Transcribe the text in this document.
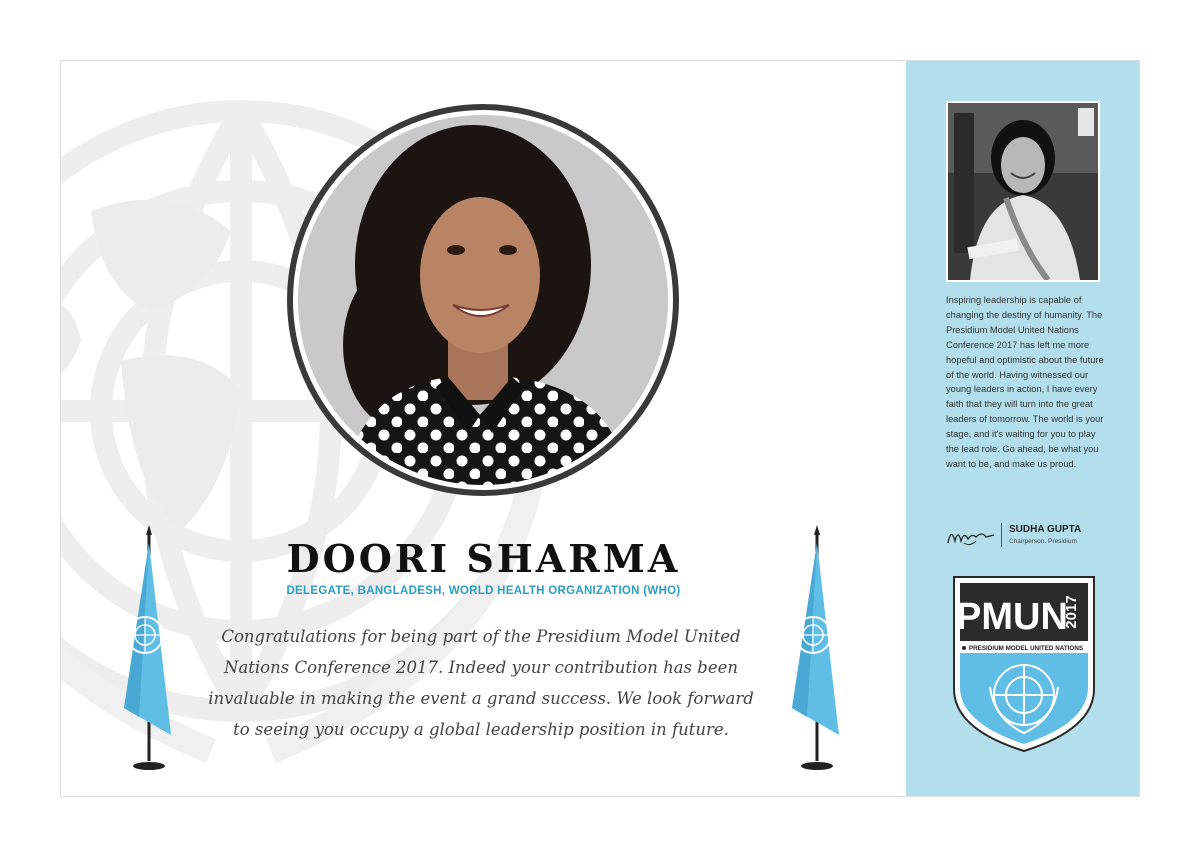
DOORI SHARMA
DELEGATE, BANGLADESH, WORLD HEALTH ORGANIZATION (WHO)

Congratulations for being part of the Presidium Model United Nations Conference 2017. Indeed your contribution has been invaluable in making the event a grand success. We look forward to seeing you occupy a global leadership position in future.

Inspiring leadership is capable of changing the destiny of humanity. The Presidium Model United Nations Conference 2017 has left me more hopeful and optimistic about the future of the world. Having witnessed our young leaders in action, I have every faith that they will turn into the great leaders of tomorrow. The world is your stage, and it's waiting for you to play the lead role. Go ahead, be what you want to be, and make us proud.

SUDHA GUPTA
Chairperson, Presidium
PMUN
2017
PRESIDIUM MODEL UNITED NATIONS
